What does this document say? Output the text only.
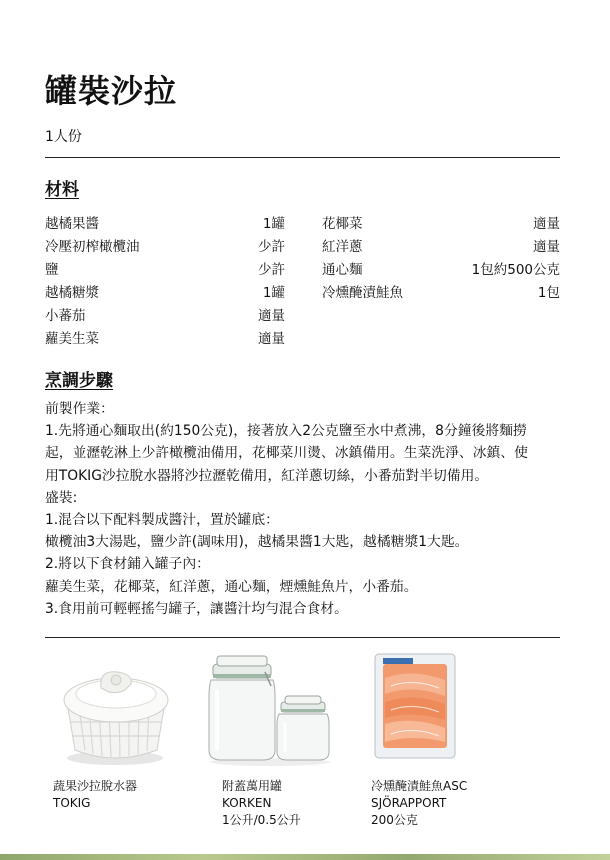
罐裝沙拉
1人份
材料
越橘果醬	1罐
冷壓初榨橄欖油	少許
鹽	少許
越橘糖漿	1罐
小蕃茄	適量
蘿美生菜	適量
花椰菜	適量
紅洋蔥	適量
通心麵	1包約500公克
冷燻醃漬鮭魚	1包
烹調步驟

前製作業：

1.先將通心麵取出(約150公克)，接著放入2公克鹽至水中煮沸，8分鐘後將麵撈

起，並瀝乾淋上少許橄欖油備用，花椰菜川燙、冰鎮備用。生菜洗淨、冰鎮、使

用TOKIG沙拉脫水器將沙拉瀝乾備用，紅洋蔥切絲，小番茄對半切備用。

盛裝:

1.混合以下配料製成醬汁，置於罐底：

橄欖油3大湯匙，鹽少許(調味用)，越橘果醬1大匙，越橘糖漿1大匙。

2.將以下食材鋪入罐子內：

蘿美生菜，花椰菜，紅洋蔥，通心麵，煙燻鮭魚片，小番茄。

3.食用前可輕輕搖勻罐子，讓醬汁均勻混合食材。

蔬果沙拉脫水器
TOKIG
附蓋萬用罐
KORKEN
1公升/0.5公升
冷燻醃漬鮭魚ASC
SJÖRAPPORT
200公克
